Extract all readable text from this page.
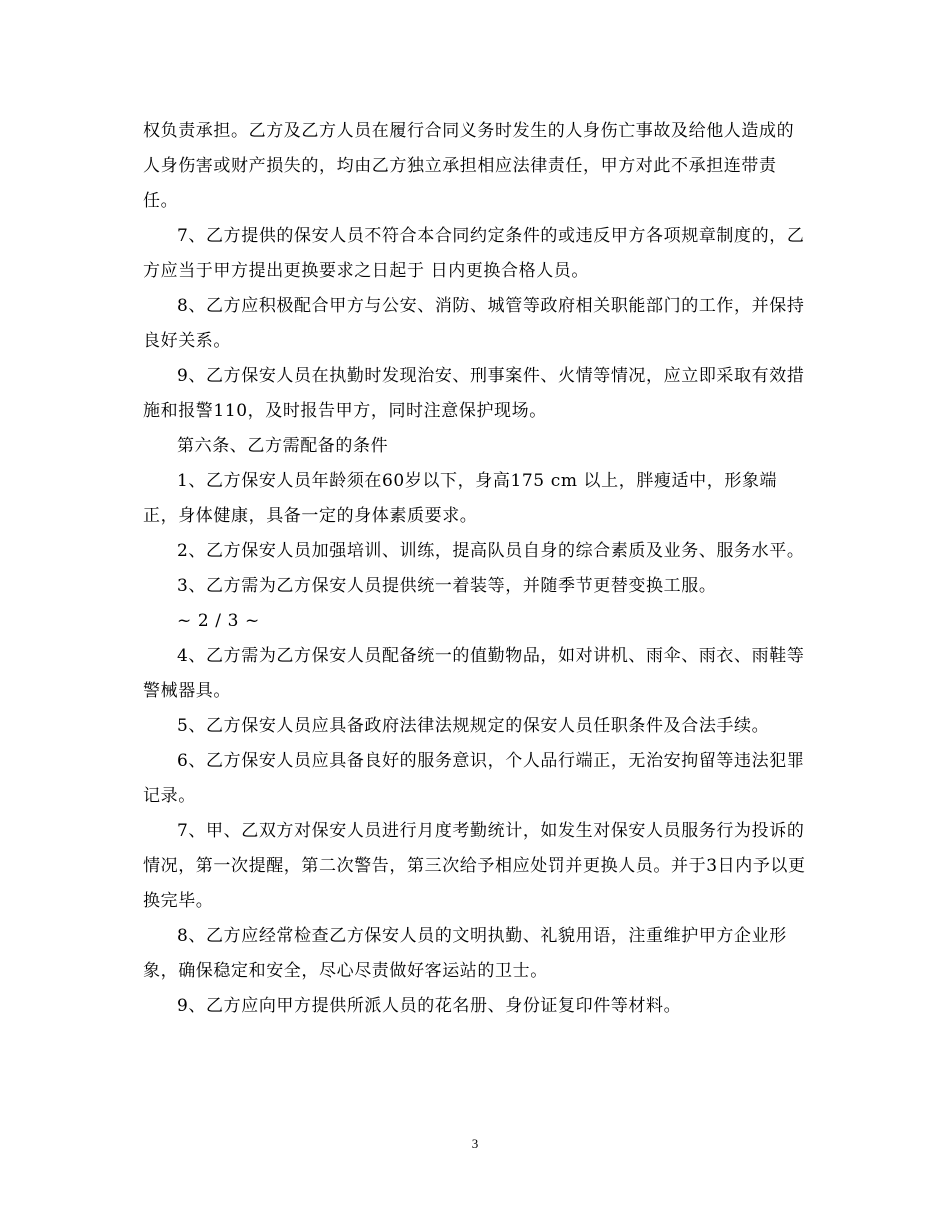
权负责承担。乙方及乙方人员在履行合同义务时发生的人身伤亡事故及给他人造成的人身伤害或财产损失的，均由乙方独立承担相应法律责任，甲方对此不承担连带责任。

7、乙方提供的保安人员不符合本合同约定条件的或违反甲方各项规章制度的，乙方应当于甲方提出更换要求之日起于 日内更换合格人员。

8、乙方应积极配合甲方与公安、消防、城管等政府相关职能部门的工作，并保持良好关系。

9、乙方保安人员在执勤时发现治安、刑事案件、火情等情况，应立即采取有效措施和报警110，及时报告甲方，同时注意保护现场。

第六条、乙方需配备的条件

1、乙方保安人员年龄须在60岁以下，身高175 cm 以上，胖瘦适中，形象端正，身体健康，具备一定的身体素质要求。

2、乙方保安人员加强培训、训练，提高队员自身的综合素质及业务、服务水平。

3、乙方需为乙方保安人员提供统一着装等，并随季节更替变换工服。

~ 2 / 3 ~

4、乙方需为乙方保安人员配备统一的值勤物品，如对讲机、雨伞、雨衣、雨鞋等警械器具。

5、乙方保安人员应具备政府法律法规规定的保安人员任职条件及合法手续。

6、乙方保安人员应具备良好的服务意识，个人品行端正，无治安拘留等违法犯罪记录。

7、甲、乙双方对保安人员进行月度考勤统计，如发生对保安人员服务行为投诉的情况，第一次提醒，第二次警告，第三次给予相应处罚并更换人员。并于3日内予以更换完毕。

8、乙方应经常检查乙方保安人员的文明执勤、礼貌用语，注重维护甲方企业形象，确保稳定和安全，尽心尽责做好客运站的卫士。

9、乙方应向甲方提供所派人员的花名册、身份证复印件等材料。

3
